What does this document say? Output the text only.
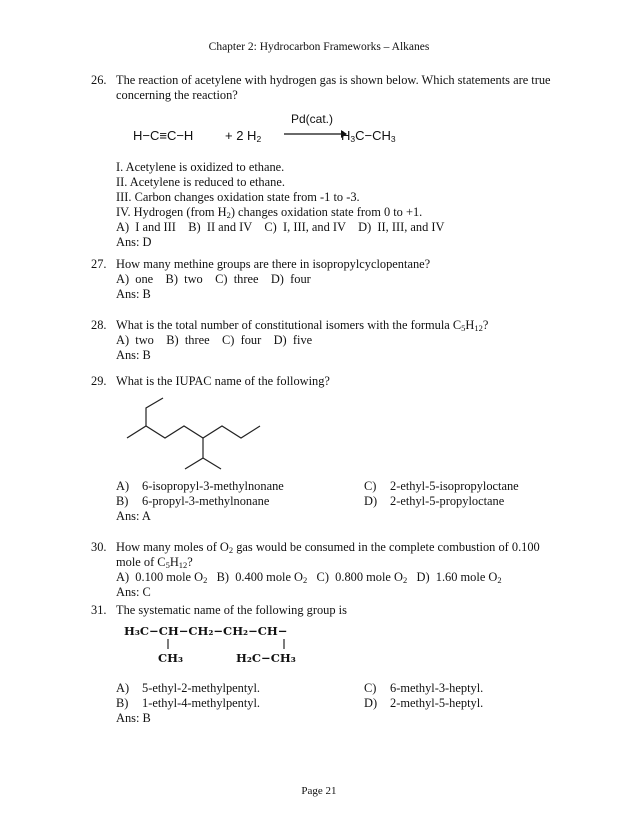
Chapter 2: Hydrocarbon Frameworks – Alkanes
26. The reaction of acetylene with hydrogen gas is shown below. Which statements are true concerning the reaction?
H−C≡C−H + 2 $H_2$
Pd(cat.)
$H_3C-CH_3$
I. Acetylene is oxidized to ethane.
II. Acetylene is reduced to ethane.
III. Carbon changes oxidation state from -1 to -3.
IV. Hydrogen (from $H_2$) changes oxidation state from 0 to +1.
A)  I and III    B)  II and IV    C)  I, III, and IV    D)  II, III, and IV
Ans: D
27. How many methine groups are there in isopropylcyclopentane?
A)  one    B)  two    C)  three    D)  four
Ans: B
28. What is the total number of constitutional isomers with the formula $C_5H_{12}$?
A)  two    B)  three    C)  four    D)  five
Ans: B
29. What is the IUPAC name of the following?
A)	6-isopropyl-3-methylnonane	C)	2-ethyl-5-isopropyloctane
B)	6-propyl-3-methylnonane	D)	2-ethyl-5-propyloctane
Ans: A
30. How many moles of $O_2$ gas would be consumed in the complete combustion of 0.100
mole of $C_5H_{12}$?
A)  0.100 mole $O_2$   B)  0.400 mole $O_2$   C)  0.800 mole $O_2$   D)  1.60 mole $O_2$
Ans: C
31. The systematic name of the following group is
H₃C−CH−CH₂−CH₂−CH−
CH₃	H₂C−CH₃
A)	5-ethyl-2-methylpentyl.	C)	6-methyl-3-heptyl.
B)	1-ethyl-4-methylpentyl.	D)	2-methyl-5-heptyl.
Ans: B
Page 21
